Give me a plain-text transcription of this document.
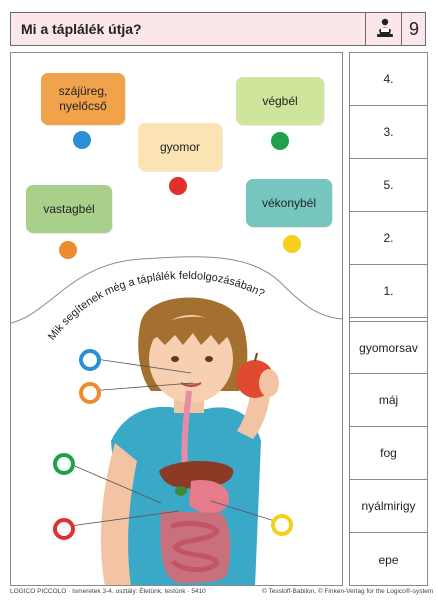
Mi a táplálék útja?	9
szájüreg,
nyelőcső	végbél
gyomor
vastagbél	vékonybél
Mik segítenek még a táplálék feldolgozásában?
4.
3.
5.
2.
1.
gyomorsav
máj
fog
nyálmirigy
epe
LOGICO PICCOLO · Ismeretek 3-4. osztály: Életünk, testünk · 5410	© Tessloff-Babilon, © Finken-Verlag for the Logico®-system
